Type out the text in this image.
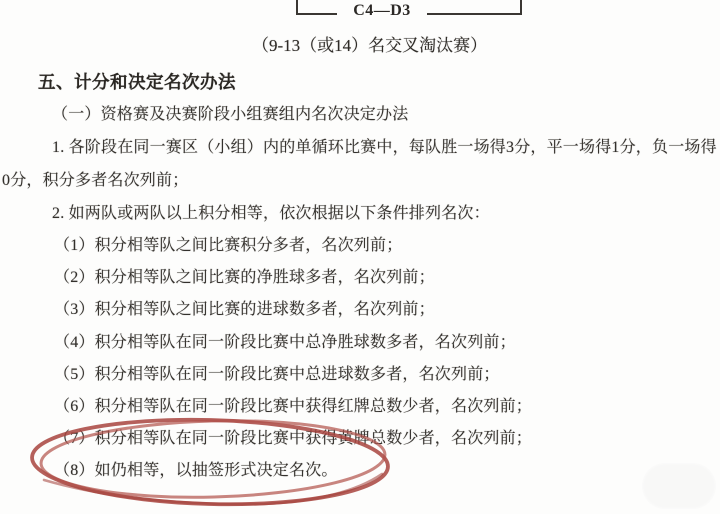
C4—D3
（9-13（或14）名交叉淘汰赛）
五、计分和决定名次办法
（一）资格赛及决赛阶段小组赛组内名次决定办法
1. 各阶段在同一赛区（小组）内的单循环比赛中，每队胜一场得3分，平一场得1分，负一场得
0分，积分多者名次列前；
2. 如两队或两队以上积分相等，依次根据以下条件排列名次：
（1）积分相等队之间比赛积分多者，名次列前；
（2）积分相等队之间比赛的净胜球多者，名次列前；
（3）积分相等队之间比赛的进球数多者，名次列前；
（4）积分相等队在同一阶段比赛中总净胜球数多者，名次列前；
（5）积分相等队在同一阶段比赛中总进球数多者，名次列前；
（6）积分相等队在同一阶段比赛中获得红牌总数少者，名次列前；
（7）积分相等队在同一阶段比赛中获得黄牌总数少者，名次列前；
（8）如仍相等，以抽签形式决定名次。
